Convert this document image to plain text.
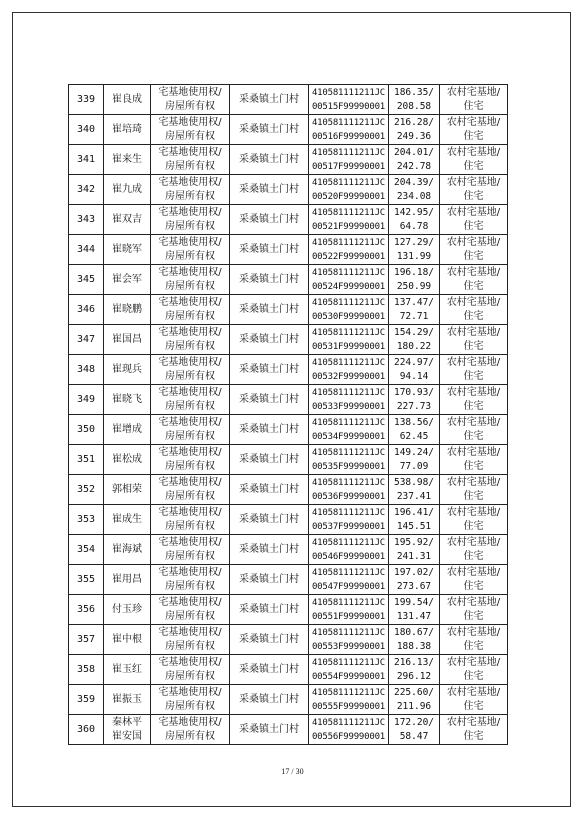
339	崔良成	宅基地使用权/
房屋所有权	采桑镇土门村	410581111211JC
00515F99990001	186.35/
208.58	农村宅基地/
住宅

340	崔培琦	宅基地使用权/
房屋所有权	采桑镇土门村	410581111211JC
00516F99990001	216.28/
249.36	农村宅基地/
住宅

341	崔来生	宅基地使用权/
房屋所有权	采桑镇土门村	410581111211JC
00517F99990001	204.01/
242.78	农村宅基地/
住宅

342	崔九成	宅基地使用权/
房屋所有权	采桑镇土门村	410581111211JC
00520F99990001	204.39/
234.08	农村宅基地/
住宅

343	崔双吉	宅基地使用权/
房屋所有权	采桑镇土门村	410581111211JC
00521F99990001	142.95/
64.78	农村宅基地/
住宅

344	崔晓军	宅基地使用权/
房屋所有权	采桑镇土门村	410581111211JC
00522F99990001	127.29/
131.99	农村宅基地/
住宅

345	崔会军	宅基地使用权/
房屋所有权	采桑镇土门村	410581111211JC
00524F99990001	196.18/
250.99	农村宅基地/
住宅

346	崔晓鹏	宅基地使用权/
房屋所有权	采桑镇土门村	410581111211JC
00530F99990001	137.47/
72.71	农村宅基地/
住宅

347	崔国昌	宅基地使用权/
房屋所有权	采桑镇土门村	410581111211JC
00531F99990001	154.29/
180.22	农村宅基地/
住宅

348	崔现兵	宅基地使用权/
房屋所有权	采桑镇土门村	410581111211JC
00532F99990001	224.97/
94.14	农村宅基地/
住宅

349	崔晓飞	宅基地使用权/
房屋所有权	采桑镇土门村	410581111211JC
00533F99990001	170.93/
227.73	农村宅基地/
住宅

350	崔增成	宅基地使用权/
房屋所有权	采桑镇土门村	410581111211JC
00534F99990001	138.56/
62.45	农村宅基地/
住宅

351	崔松成	宅基地使用权/
房屋所有权	采桑镇土门村	410581111211JC
00535F99990001	149.24/
77.09	农村宅基地/
住宅

352	郭相荣	宅基地使用权/
房屋所有权	采桑镇土门村	410581111211JC
00536F99990001	538.98/
237.41	农村宅基地/
住宅

353	崔成生	宅基地使用权/
房屋所有权	采桑镇土门村	410581111211JC
00537F99990001	196.41/
145.51	农村宅基地/
住宅

354	崔海斌	宅基地使用权/
房屋所有权	采桑镇土门村	410581111211JC
00546F99990001	195.92/
241.31	农村宅基地/
住宅

355	崔用昌	宅基地使用权/
房屋所有权	采桑镇土门村	410581111211JC
00547F99990001	197.02/
273.67	农村宅基地/
住宅

356	付玉珍	宅基地使用权/
房屋所有权	采桑镇土门村	410581111211JC
00551F99990001	199.54/
131.47	农村宅基地/
住宅

357	崔中根	宅基地使用权/
房屋所有权	采桑镇土门村	410581111211JC
00553F99990001	180.67/
188.38	农村宅基地/
住宅

358	崔玉红	宅基地使用权/
房屋所有权	采桑镇土门村	410581111211JC
00554F99990001	216.13/
296.12	农村宅基地/
住宅

359	崔振玉	宅基地使用权/
房屋所有权	采桑镇土门村	410581111211JC
00555F99990001	225.60/
211.96	农村宅基地/
住宅

360	秦林平
崔安国	宅基地使用权/
房屋所有权	采桑镇土门村	410581111211JC
00556F99990001	172.20/
58.47	农村宅基地/
住宅
17 / 30
